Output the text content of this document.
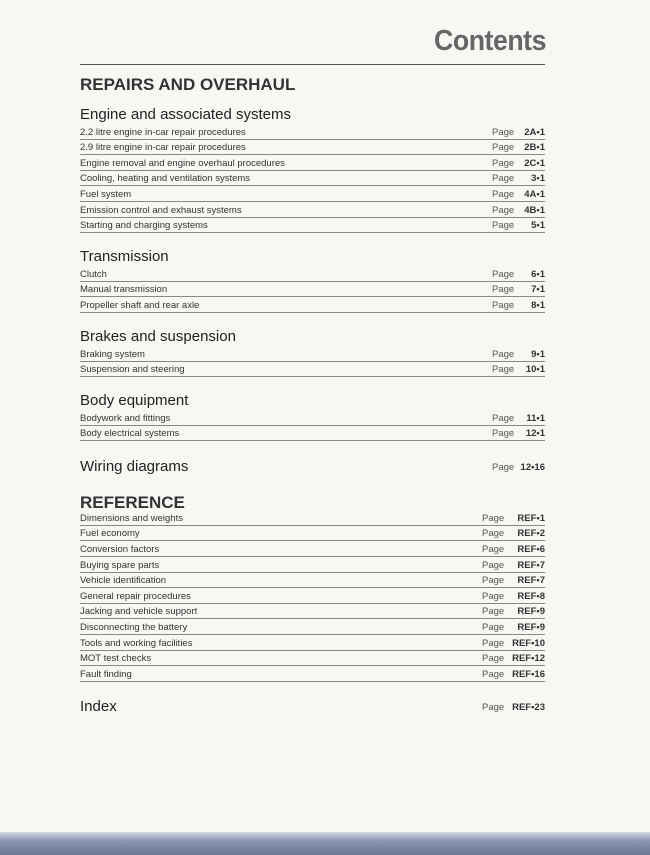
Contents
REPAIRS AND OVERHAUL
Engine and associated systems
Transmission
Brakes and suspension
Body equipment
Wiring diagrams	Page 12•16
REFERENCE
Index	Page REF•23
2.2 litre engine in-car repair procedures	Page 2A•1
2.9 litre engine in-car repair procedures	Page 2B•1
Engine removal and engine overhaul procedures	Page 2C•1
Cooling, heating and ventilation systems	Page 3•1
Fuel system	Page 4A•1
Emission control and exhaust systems	Page 4B•1
Starting and charging systems	Page 5•1
Clutch	Page 6•1
Manual transmission	Page 7•1
Propeller shaft and rear axle	Page 8•1
Braking system	Page 9•1
Suspension and steering	Page 10•1
Bodywork and fittings	Page 11•1
Body electrical systems	Page 12•1
Dimensions and weights	Page REF•1
Fuel economy	Page REF•2
Conversion factors	Page REF•6
Buying spare parts	Page REF•7
Vehicle identification	Page REF•7
General repair procedures	Page REF•8
Jacking and vehicle support	Page REF•9
Disconnecting the battery	Page REF•9
Tools and working facilities	Page REF•10
MOT test checks	Page REF•12
Fault finding	Page REF•16
